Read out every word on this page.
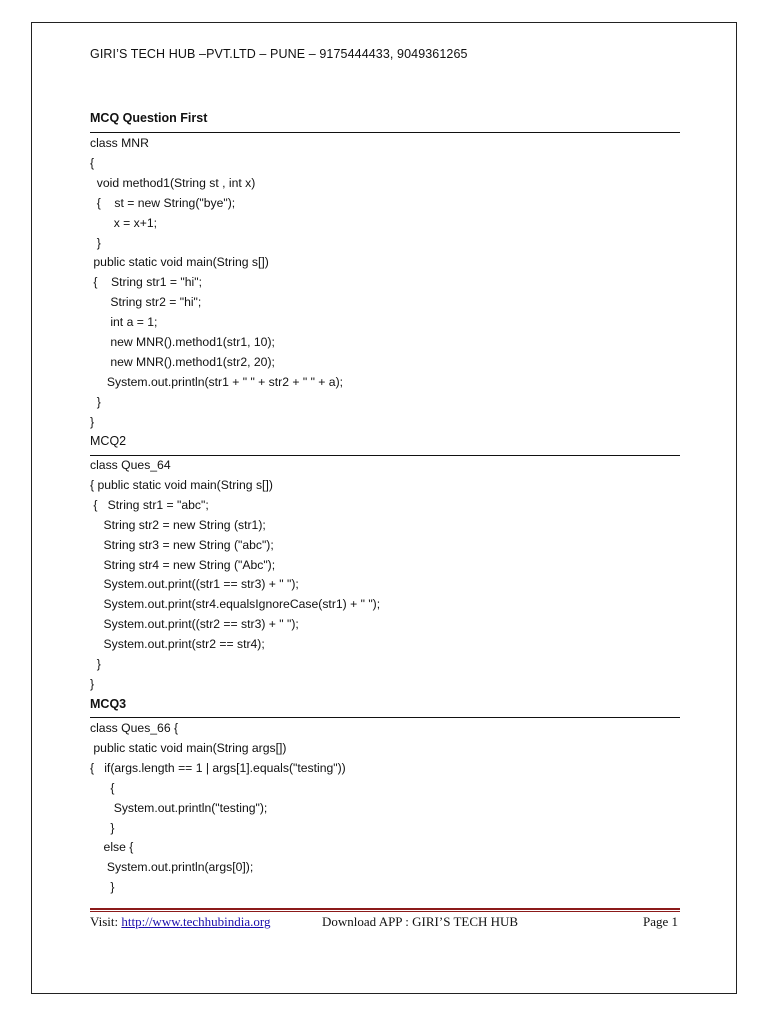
GIRI’S TECH HUB –PVT.LTD – PUNE – 9175444433, 9049361265
MCQ Question First
class MNR
{
void method1(String st , int x)
{    st = new String("bye");
x = x+1;
}
public static void main(String s[])
{    String str1 = "hi";
String str2 = "hi";
int a = 1;
new MNR().method1(str1, 10);
new MNR().method1(str2, 20);
System.out.println(str1 + " " + str2 + " " + a);
}
}
MCQ2
class Ques_64
{ public static void main(String s[])
{   String str1 = "abc";
String str2 = new String (str1);
String str3 = new String ("abc");
String str4 = new String ("Abc");
System.out.print((str1 == str3) + " ");
System.out.print(str4.equalsIgnoreCase(str1) + " ");
System.out.print((str2 == str3) + " ");
System.out.print(str2 == str4);
}
}
MCQ3
class Ques_66 {
public static void main(String args[])
{   if(args.length == 1 | args[1].equals("testing"))
{
System.out.println("testing");
}
else {
System.out.println(args[0]);
}
Visit: http://www.techhubindia.org	Download APP : GIRI’S TECH HUB	Page 1
